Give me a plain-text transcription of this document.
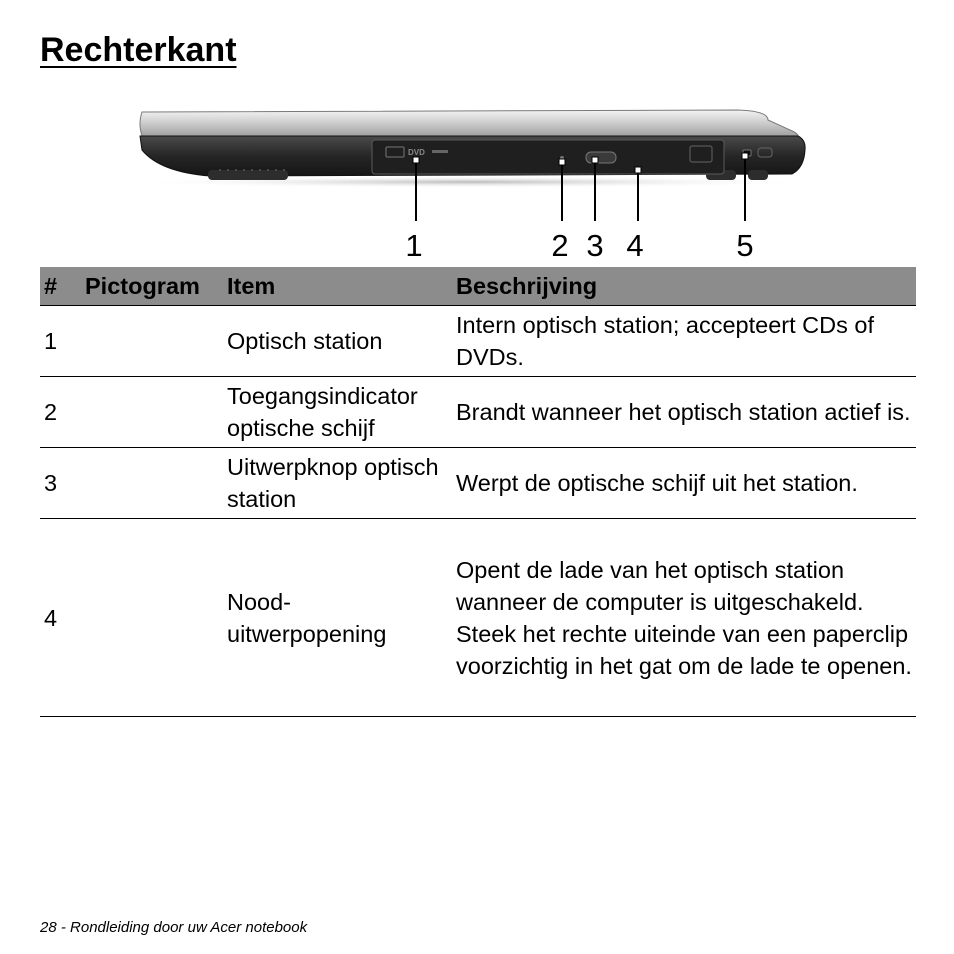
Rechterkant
DVD
1	2 3 4	5
#	Pictogram	Item	Beschrijving
1		Optisch station	Intern optisch station; accepteert CDs of DVDs.
2		Toegangsindicator optische schijf	Brandt wanneer het optisch station actief is.
3		Uitwerpknop optisch station	Werpt de optische schijf uit het station.
4		Nood-uitwerpopening	Opent de lade van het optisch station wanneer de computer is uitgeschakeld.
Steek het rechte uiteinde van een paperclip voorzichtig in het gat om de lade te openen.
28 - Rondleiding door uw Acer notebook
